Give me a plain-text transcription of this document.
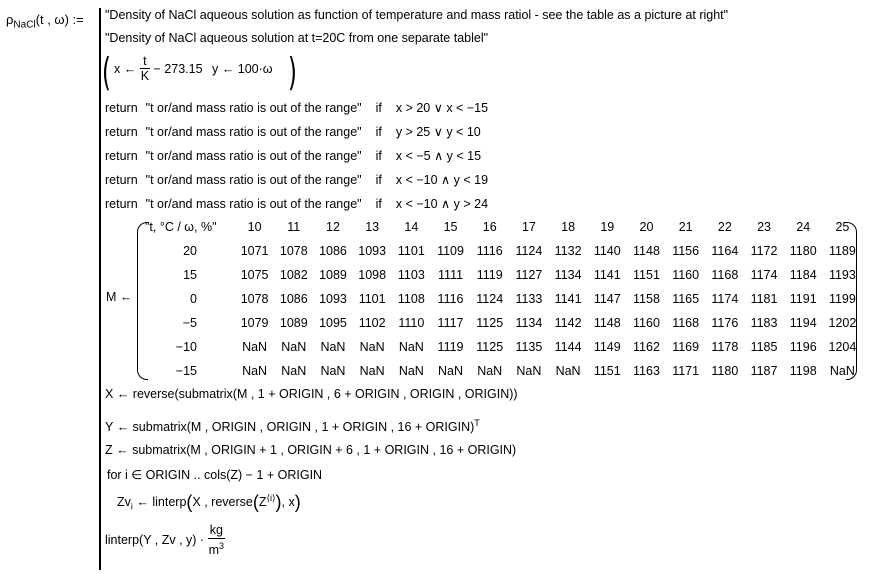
$\rho_{NaCl}(t$ , ω) := "Density of NaCl aqueous solution as function of temperature and mass ratiol - see the table as a picture at right"
"Density of NaCl aqueous solution at t=20C from one separate tablel"
( x ← $\frac{t}{K} - 273.15$ y ← 100·ω )
return "t or/and mass ratio is out of the range" if x > 20 ∨ x < −15
return "t or/and mass ratio is out of the range" if y > 25 ∨ y < 10
return "t or/and mass ratio is out of the range" if x < −5 ∧ y < 15
return "t or/and mass ratio is out of the range" if x < −10 ∧ y < 19
return "t or/and mass ratio is out of the range" if x < −10 ∧ y > 24
M ←
"t, °C / ω, %"	10	11	12	13	14	15	16	17	18	19	20	21	22	23	24	25
20	1071	1078	1086	1093	1101	1109	1116	1124	1132	1140	1148	1156	1164	1172	1180	1189
15	1075	1082	1089	1098	1103	1111	1119	1127	1134	1141	1151	1160	1168	1174	1184	1193
0	1078	1086	1093	1101	1108	1116	1124	1133	1141	1147	1158	1165	1174	1181	1191	1199
−5	1079	1089	1095	1102	1110	1117	1125	1134	1142	1148	1160	1168	1176	1183	1194	1202
−10	NaN	NaN	NaN	NaN	NaN	1119	1125	1135	1144	1149	1162	1169	1178	1185	1196	1204
−15	NaN	NaN	NaN	NaN	NaN	NaN	NaN	NaN	NaN	1151	1163	1171	1180	1187	1198	NaN
X ← reverse(submatrix(M , 1 + ORIGIN , 6 + ORIGIN , ORIGIN , ORIGIN))
Y ← submatrix(M , ORIGIN , ORIGIN , 1 + ORIGIN , 16 + ORIGIN)$^T$
Z ← submatrix(M , ORIGIN + 1 , ORIGIN + 6 , 1 + ORIGIN , 16 + ORIGIN)
for i ∈ ORIGIN .. cols(Z) − 1 + ORIGIN
$Zv_i$ ← linterp(X , $reverse(Z^{⟨i⟩})$, x)
linterp(Y , Zv , $y) \cdot \frac{kg}{m^3}$
